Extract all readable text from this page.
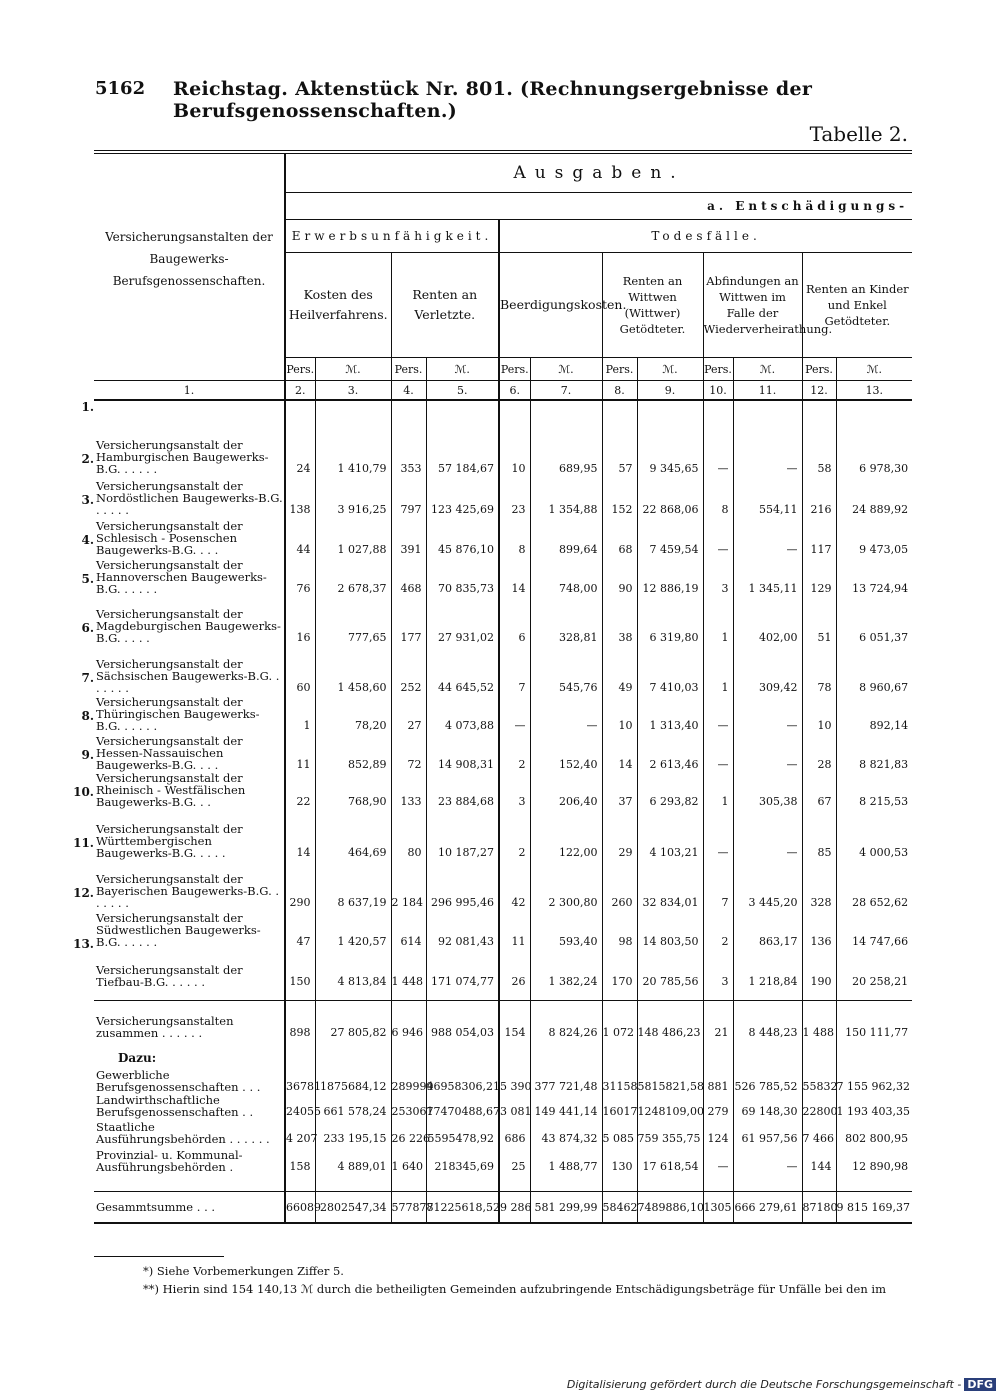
5162 Reichstag. Aktenstück Nr. 801. (Rechnungsergebnisse der Berufsgenossenschaften.)
Tabelle 2.
Versicherungsanstalten der Baugewerks-Berufsgenossenschaften.	Ausgaben.											
	a. Entschädigungs-											
	Erwerbsunfähigkeit.				Todesfälle.							
	Kosten des Heilverfahrens.		Renten an Verletzte.		Beerdigungskosten.		Renten an Wittwen (Wittwer) Getödteter.		Abfindungen an Wittwen im Falle der Wiederverheirathung.		Renten an Kinder und Enkel Getödteter.	
	Pers.	ℳ.	Pers.	ℳ.	Pers.	ℳ.	Pers.	ℳ.	Pers.	ℳ.	Pers.	ℳ.
1.	2.	3.	4.	5.	6.	7.	8.	9.	10.	11.	12.	13.

1.
Versicherungsanstalt der Hamburgischen Baugewerks-B.G. . . . . .	24	1 410,79	353	57 184,67	10	689,95	57	9 345,65	—	—	58	6 978,30

2.
Versicherungsanstalt der Nordöstlichen Baugewerks-B.G. . . . . .	138	3 916,25	797	123 425,69	23	1 354,88	152	22 868,06	8	554,11	216	24 889,92

3.
Versicherungsanstalt der Schlesisch - Posenschen Baugewerks-B.G. . . .	44	1 027,88	391	45 876,10	8	899,64	68	7 459,54	—	—	117	9 473,05

4.
Versicherungsanstalt der Hannoverschen Baugewerks-B.G. . . . . .	76	2 678,37	468	70 835,73	14	748,00	90	12 886,19	3	1 345,11	129	13 724,94

5.
Versicherungsanstalt der Magdeburgischen Baugewerks-B.G. . . . .	16	777,65	177	27 931,02	6	328,81	38	6 319,80	1	402,00	51	6 051,37

6.
Versicherungsanstalt der Sächsischen Baugewerks-B.G. . . . . . .	60	1 458,60	252	44 645,52	7	545,76	49	7 410,03	1	309,42	78	8 960,67

7.
Versicherungsanstalt der Thüringischen Baugewerks-B.G. . . . . .	1	78,20	27	4 073,88	—	—	10	1 313,40	—	—	10	892,14

8.
Versicherungsanstalt der Hessen-Nassauischen Baugewerks-B.G. . . .	11	852,89	72	14 908,31	2	152,40	14	2 613,46	—	—	28	8 821,83

9.
Versicherungsanstalt der Rheinisch - Westfälischen Baugewerks-B.G. . .	22	768,90	133	23 884,68	3	206,40	37	6 293,82	1	305,38	67	8 215,53

10.
Versicherungsanstalt der Württembergischen Baugewerks-B.G. . . . .	14	464,69	80	10 187,27	2	122,00	29	4 103,21	—	—	85	4 000,53

11.
Versicherungsanstalt der Bayerischen Baugewerks-B.G. . . . . . .	290	8 637,19	2 184	296 995,46	42	2 300,80	260	32 834,01	7	3 445,20	328	28 652,62

12.
Versicherungsanstalt der Südwestlichen Baugewerks-B.G. . . . . .	47	1 420,57	614	92 081,43	11	593,40	98	14 803,50	2	863,17	136	14 747,66

13.
Versicherungsanstalt der Tiefbau-B.G. . . . . .	150	4 813,84	1 448	171 074,77	26	1 382,24	170	20 785,56	3	1 218,84	190	20 258,21

Versicherungsanstalten zusammen . . . . . .	898	27 805,82	6 946	988 054,03	154	8 824,26	1 072	148 486,23	21	8 448,23	1 488	150 111,77
Dazu:												

Gewerbliche Berufsgenossenschaften . . .	36781	1875684,12	289999	46958306,21	5 390	377 721,48	31158	5815821,58	881	526 785,52	55832	7 155 962,32

Landwirthschaftliche Berufsgenossenschaften . .	24055	661 578,24	253067	17470488,67	3 081	149 441,14	16017	1248109,00	279	69 148,30	22800	1 193 403,35

Staatliche Ausführungsbehörden . . . . . .	4 207	233 195,15	26 226	5595478,92	686	43 874,32	5 085	759 355,75	124	61 957,56	7 466	802 800,95

Provinzial- u. Kommunal-Ausführungsbehörden .	158	4 889,01	1 640	218345,69	25	1 488,77	130	17 618,54	—	—	144	12 890,98

Gesammtsumme . . .	66089	2802547,34	577878	71225618,52	9 286	581 299,99	58462	7489886,10	1305	666 279,61	87180	9 815 169,37
*) Siehe Vorbemerkungen Ziffer 5.
**) Hierin sind 154 140,13 ℳ durch die betheiligten Gemeinden aufzubringende Entschädigungsbeträge für Unfälle bei den im
Digitalisierung gefördert durch die Deutsche Forschungsgemeinschaft - DFG
